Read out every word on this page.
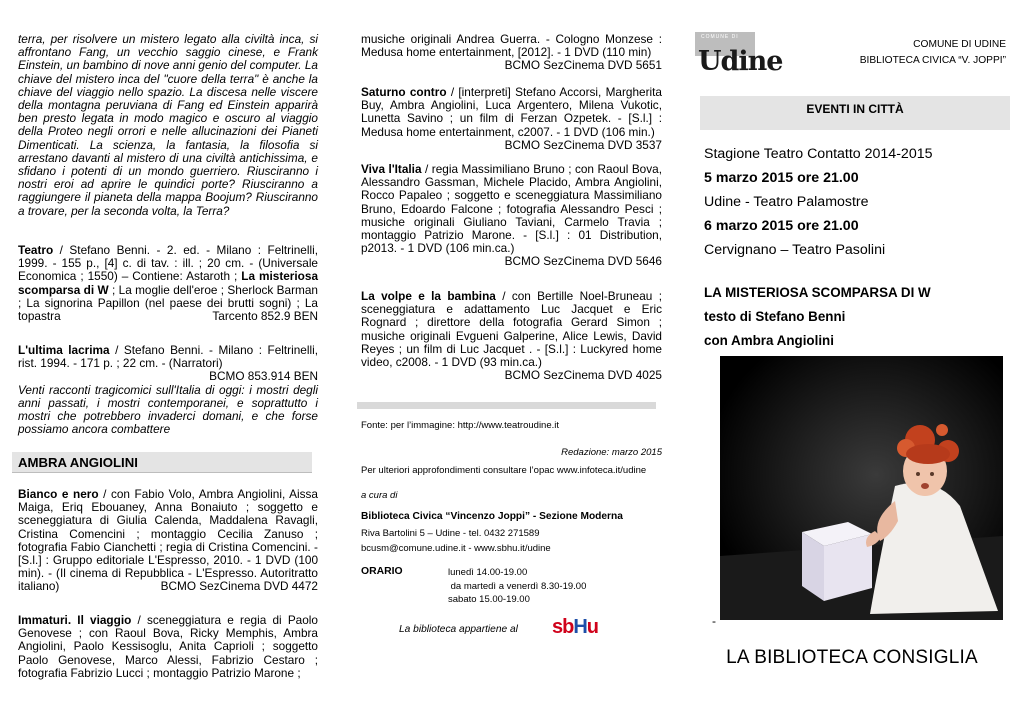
terra, per risolvere un mistero legato alla civiltà inca, si affrontano Fang, un vecchio saggio cinese, e Frank Einstein, un bambino di nove anni genio del computer. La chiave del mistero inca del "cuore della terra" è anche la chiave del viaggio nello spazio. La discesa nelle viscere della montagna peruviana di Fang ed Einstein apparirà ben presto legata in modo magico e oscuro al viaggio della Proteo negli orrori e nelle allucinazioni dei Pianeti Dimenticati. La scienza, la fantasia, la filosofia si arrestano davanti al mistero di una civiltà antichissima, e sfidano i potenti di un mondo guerriero. Riusciranno i nostri eroi ad aprire le quindici porte? Riusciranno a raggiungere il pianeta della mappa Boojum? Riusciranno a trovare, per la seconda volta, la Terra?
Teatro / Stefano Benni. - 2. ed. - Milano : Feltrinelli, 1999. - 155 p., [4] c. di tav. : ill. ; 20 cm. - (Universale Economica ; 1550) – Contiene: Astaroth ; La misteriosa scomparsa di W ; La moglie dell'eroe ; Sherlock Barman ; La signorina Papillon (nel paese dei brutti sogni) ; La topastra	Tarcento 852.9 BEN
L'ultima lacrima / Stefano Benni. - Milano : Feltrinelli, rist. 1994. - 171 p. ; 22 cm. - (Narratori)
BCMO 853.914 BEN
Venti racconti tragicomici sull'Italia di oggi: i mostri degli anni passati, i mostri contemporanei, e soprattutto i mostri che potrebbero invaderci domani, e che forse possiamo ancora combattere
AMBRA ANGIOLINI
Bianco e nero / con Fabio Volo, Ambra Angiolini, Aissa Maiga, Eriq Ebouaney, Anna Bonaiuto ; soggetto e sceneggiatura di Giulia Calenda, Maddalena Ravagli, Cristina Comencini ; montaggio Cecilia Zanuso ; fotografia Fabio Cianchetti ; regia di Cristina Comencini. - [S.l.] : Gruppo editoriale L'Espresso, 2010. - 1 DVD (100 min). - (Il cinema di Repubblica - L'Espresso. Autoritratto italiano)	BCMO SezCinema DVD 4472
Immaturi. Il viaggio / sceneggiatura e regia di Paolo Genovese ; con Raoul Bova, Ricky Memphis, Ambra Angiolini, Paolo Kessisoglu, Anita Caprioli ; soggetto Paolo Genovese, Marco Alessi, Fabrizio Cestaro ; fotografia Fabrizio Lucci ; montaggio Patrizio Marone ;
musiche originali Andrea Guerra. - Cologno Monzese : Medusa home entertainment, [2012]. - 1 DVD (110 min)
BCMO SezCinema DVD 5651
Saturno contro / [interpreti] Stefano Accorsi, Margherita Buy, Ambra Angiolini, Luca Argentero, Milena Vukotic, Lunetta Savino ; un film di Ferzan Ozpetek. - [S.l.] : Medusa home entertainment, c2007. - 1 DVD (106 min.)
BCMO SezCinema DVD 3537
Viva l'Italia / regia Massimiliano Bruno ; con Raoul Bova, Alessandro Gassman, Michele Placido, Ambra Angiolini, Rocco Papaleo ; soggetto e sceneggiatura Massimiliano Bruno, Edoardo Falcone ; fotografia Alessandro Pesci ; musiche originali Giuliano Taviani, Carmelo Travia ; montaggio Patrizio Marone. - [S.l.] : 01 Distribution, p2013. - 1 DVD (106 min.ca.)
BCMO SezCinema DVD 5646
La volpe e la bambina / con Bertille Noel-Bruneau ; sceneggiatura e adattamento Luc Jacquet e Eric Rognard ; direttore della fotografia Gerard Simon ; musiche originali Evgueni Galperine, Alice Lewis, David Reyes ; un film di Luc Jacquet . - [S.l.] : Luckyred home video, c2008. - 1 DVD (93 min.ca.)
BCMO SezCinema DVD 4025
Fonte: per l’immagine: http://www.teatroudine.it
Redazione: marzo 2015
Per ulteriori approfondimenti consultare l’opac www.infoteca.it/udine
a cura di
Biblioteca Civica “Vincenzo Joppi” - Sezione Moderna
Riva Bartolini 5 – Udine - tel. 0432 271589
bcusm@comune.udine.it - www.sbhu.it/udine
ORARIO	lunedì 14.00-19.00
da martedì a venerdì 8.30-19.00
sabato 15.00-19.00
La biblioteca appartiene al sbHu
COMUNE DI
Udine
COMUNE DI UDINE
BIBLIOTECA CIVICA “V. JOPPI”
EVENTI IN CITTÀ
Stagione Teatro Contatto 2014-2015
5 marzo 2015 ore 21.00
Udine - Teatro Palamostre
6 marzo 2015 ore 21.00
Cervignano – Teatro Pasolini
LA MISTERIOSA SCOMPARSA DI W
testo di Stefano Benni
con Ambra Angiolini
-
LA BIBLIOTECA CONSIGLIA
